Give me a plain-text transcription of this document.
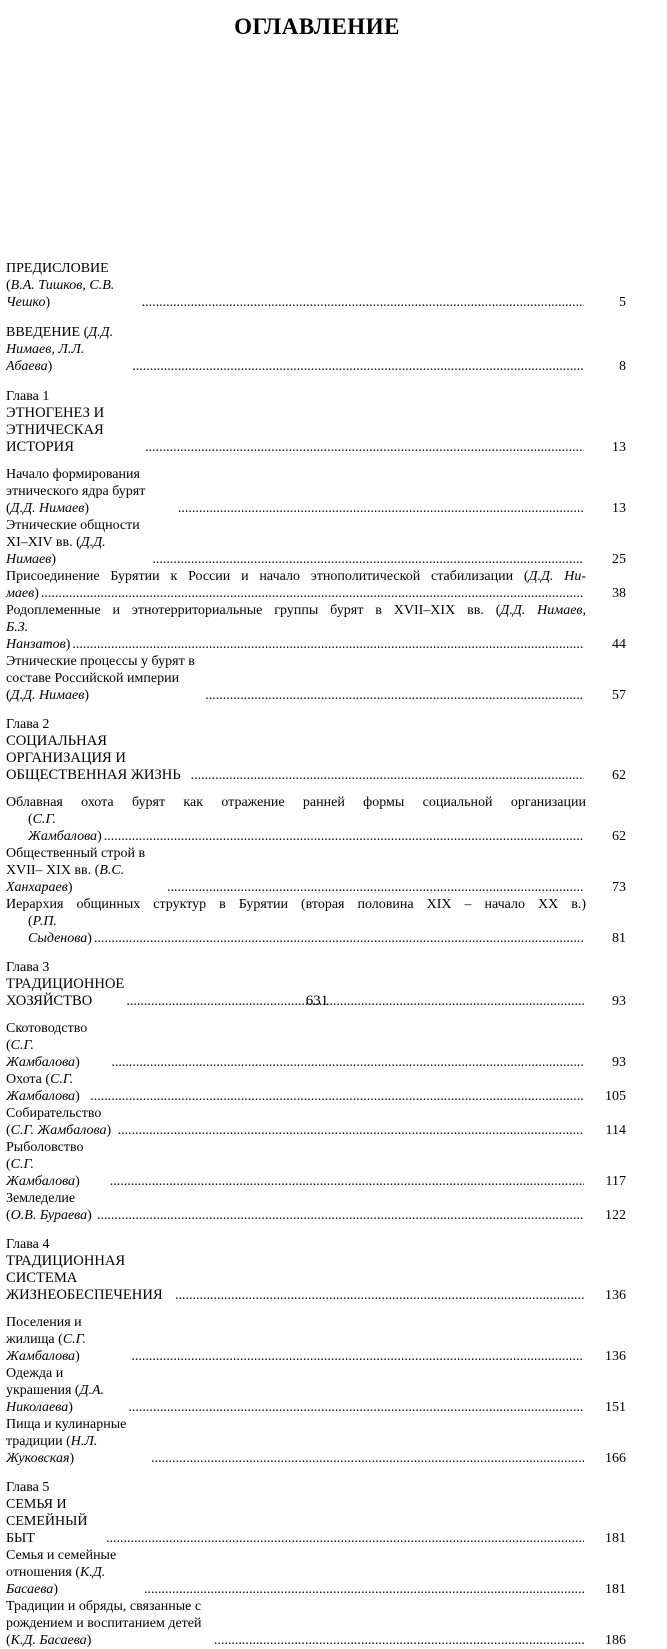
ОГЛАВЛЕНИЕ
ПРЕДИСЛОВИЕ (В.А. Тишков, С.В. Чешко) .....	5
ВВЕДЕНИЕ (Д.Д. Нимаев, Л.Л. Абаева) .....	8
Глава 1
ЭТНОГЕНЕЗ И ЭТНИЧЕСКАЯ ИСТОРИЯ .....	13
Начало формирования этнического ядра бурят (Д.Д. Нимаев) .....	13
Этнические общности XI–XIV вв. (Д.Д. Нимаев) .....	25
Присоединение Бурятии к России и начало этнополитической стабилизации (Д.Д. Ни-
маев) .....	38
Родоплеменные и этнотерриториальные группы бурят в XVII–XIX вв. (Д.Д. Нимаев,
Б.З. Нанзатов) .....	44
Этнические процессы у бурят в составе Российской империи (Д.Д. Нимаев) .....	57
Глава 2
СОЦИАЛЬНАЯ ОРГАНИЗАЦИЯ И ОБЩЕСТВЕННАЯ ЖИЗНЬ .....	62
Облавная охота бурят как отражение ранней формы социальной организации
(С.Г. Жамбалова) .....	62
Общественный строй в XVII– XIX вв. (В.С. Ханхараев) .....	73
Иерархия общинных структур в Бурятии (вторая половина XIX – начало XX в.)
(Р.П. Сыденова) .....	81
Глава 3
ТРАДИЦИОННОЕ ХОЗЯЙСТВО .....	93
Скотоводство (С.Г. Жамбалова) .....	93
Охота (С.Г. Жамбалова) .....	105
Собирательство (С.Г. Жамбалова) .....	114
Рыболовство (С.Г. Жамбалова) .....	117
Земледелие (О.В. Бураева) .....	122
Глава 4
ТРАДИЦИОННАЯ СИСТЕМА ЖИЗНЕОБЕСПЕЧЕНИЯ .....	136
Поселения и жилища (С.Г. Жамбалова) .....	136
Одежда и украшения (Д.А. Николаева) .....	151
Пища и кулинарные традиции (Н.Л. Жуковская) .....	166
Глава 5
СЕМЬЯ И СЕМЕЙНЫЙ БЫТ .....	181
Семья и семейные отношения (К.Д. Басаева) .....	181
Традиции и обряды, связанные с рождением и воспитанием детей (К.Д. Басаева) .....	186
631
